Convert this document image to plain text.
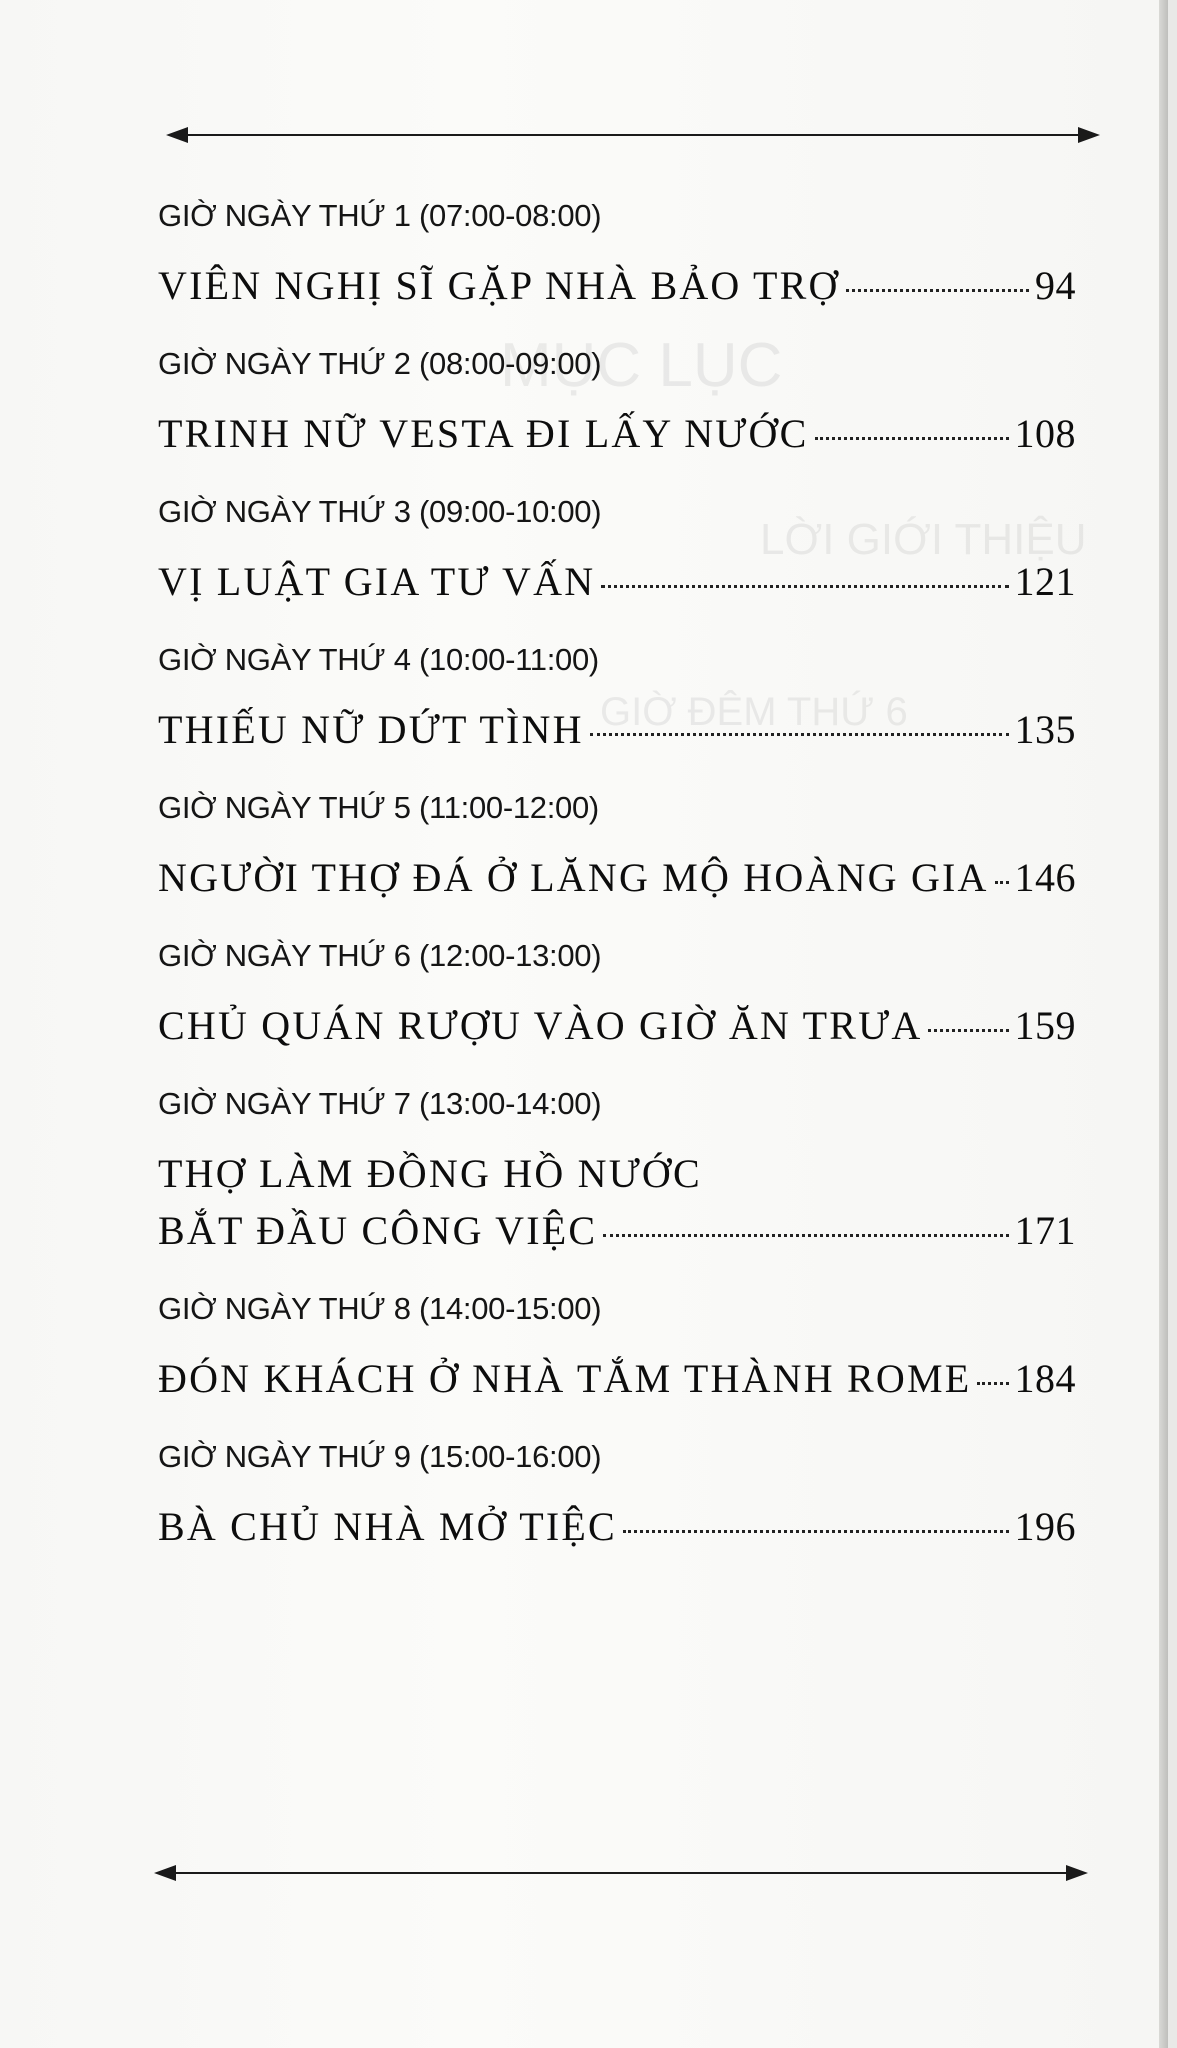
MỤC LỤC
LỜI GIỚI THIỆU
GIỜ ĐÊM THỨ 6
GIỜ NGÀY THỨ 1 (07:00-08:00)
VIÊN NGHỊ SĨ GẶP NHÀ BẢO TRỢ	94
GIỜ NGÀY THỨ 2 (08:00-09:00)
TRINH NỮ VESTA ĐI LẤY NƯỚC	108
GIỜ NGÀY THỨ 3 (09:00-10:00)
VỊ LUẬT GIA TƯ VẤN	121
GIỜ NGÀY THỨ 4 (10:00-11:00)
THIẾU NỮ DỨT TÌNH	135
GIỜ NGÀY THỨ 5 (11:00-12:00)
NGƯỜI THỢ ĐÁ Ở LĂNG MỘ HOÀNG GIA 146
GIỜ NGÀY THỨ 6 (12:00-13:00)
CHỦ QUÁN RƯỢU VÀO GIỜ ĂN TRƯA 159
GIỜ NGÀY THỨ 7 (13:00-14:00)
THỢ LÀM ĐỒNG HỒ NƯỚC
BẮT ĐẦU CÔNG VIỆC	171
GIỜ NGÀY THỨ 8 (14:00-15:00)
ĐÓN KHÁCH Ở NHÀ TẮM THÀNH ROME 184
GIỜ NGÀY THỨ 9 (15:00-16:00)
BÀ CHỦ NHÀ MỞ TIỆC	196
